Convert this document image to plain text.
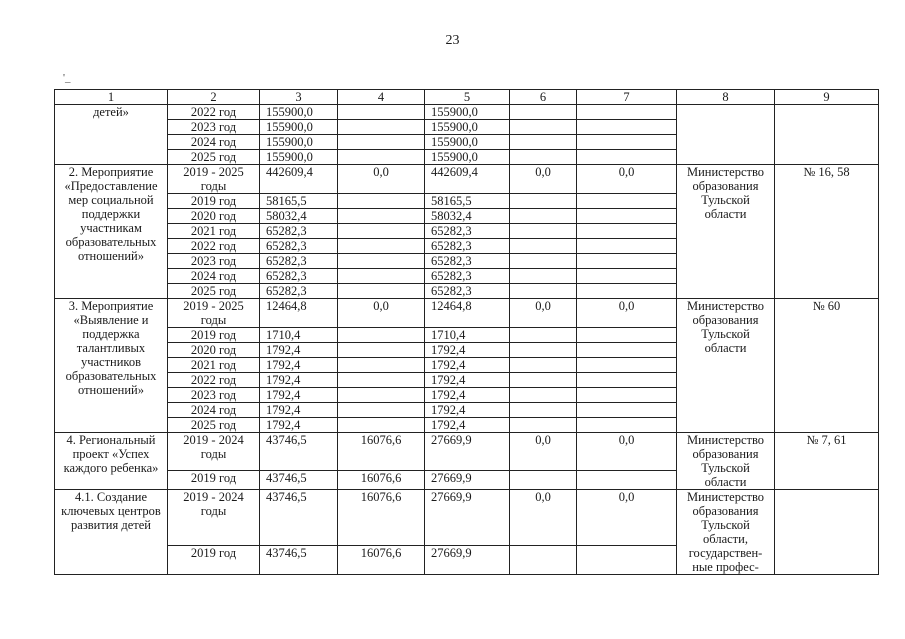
23
'_
1	2	3	4	5	6	7	8	9
детей»	2022 год	155900,0		155900,0				
	2023 год	155900,0		155900,0				
	2024 год	155900,0		155900,0				
	2025 год	155900,0		155900,0				
2. Мероприятие «Предоставление мер социальной поддержки участникам образовательных отношений»	2019 - 2025 годы	442609,4	0,0	442609,4	0,0	0,0	Министерство образования Тульской области	№ 16, 58
	2019 год	58165,5		58165,5				
	2020 год	58032,4		58032,4				
	2021 год	65282,3		65282,3				
	2022 год	65282,3		65282,3				
	2023 год	65282,3		65282,3				
	2024 год	65282,3		65282,3				
	2025 год	65282,3		65282,3				
3. Мероприятие «Выявление и поддержка талантливых участников образовательных отношений»	2019 - 2025 годы	12464,8	0,0	12464,8	0,0	0,0	Министерство образования Тульской области	№ 60
	2019 год	1710,4		1710,4				
	2020 год	1792,4		1792,4				
	2021 год	1792,4		1792,4				
	2022 год	1792,4		1792,4				
	2023 год	1792,4		1792,4				
	2024 год	1792,4		1792,4				
	2025 год	1792,4		1792,4				
4. Региональный проект «Успех каждого ребенка»	2019 - 2024 годы	43746,5	16076,6	27669,9	0,0	0,0	Министерство образования Тульской области	№ 7, 61
	2019 год	43746,5	16076,6	27669,9				
4.1. Создание ключевых центров развития детей	2019 - 2024 годы	43746,5	16076,6	27669,9	0,0	0,0	Министерство образования Тульской области, государствен- ные профес-	
	2019 год	43746,5	16076,6	27669,9				
